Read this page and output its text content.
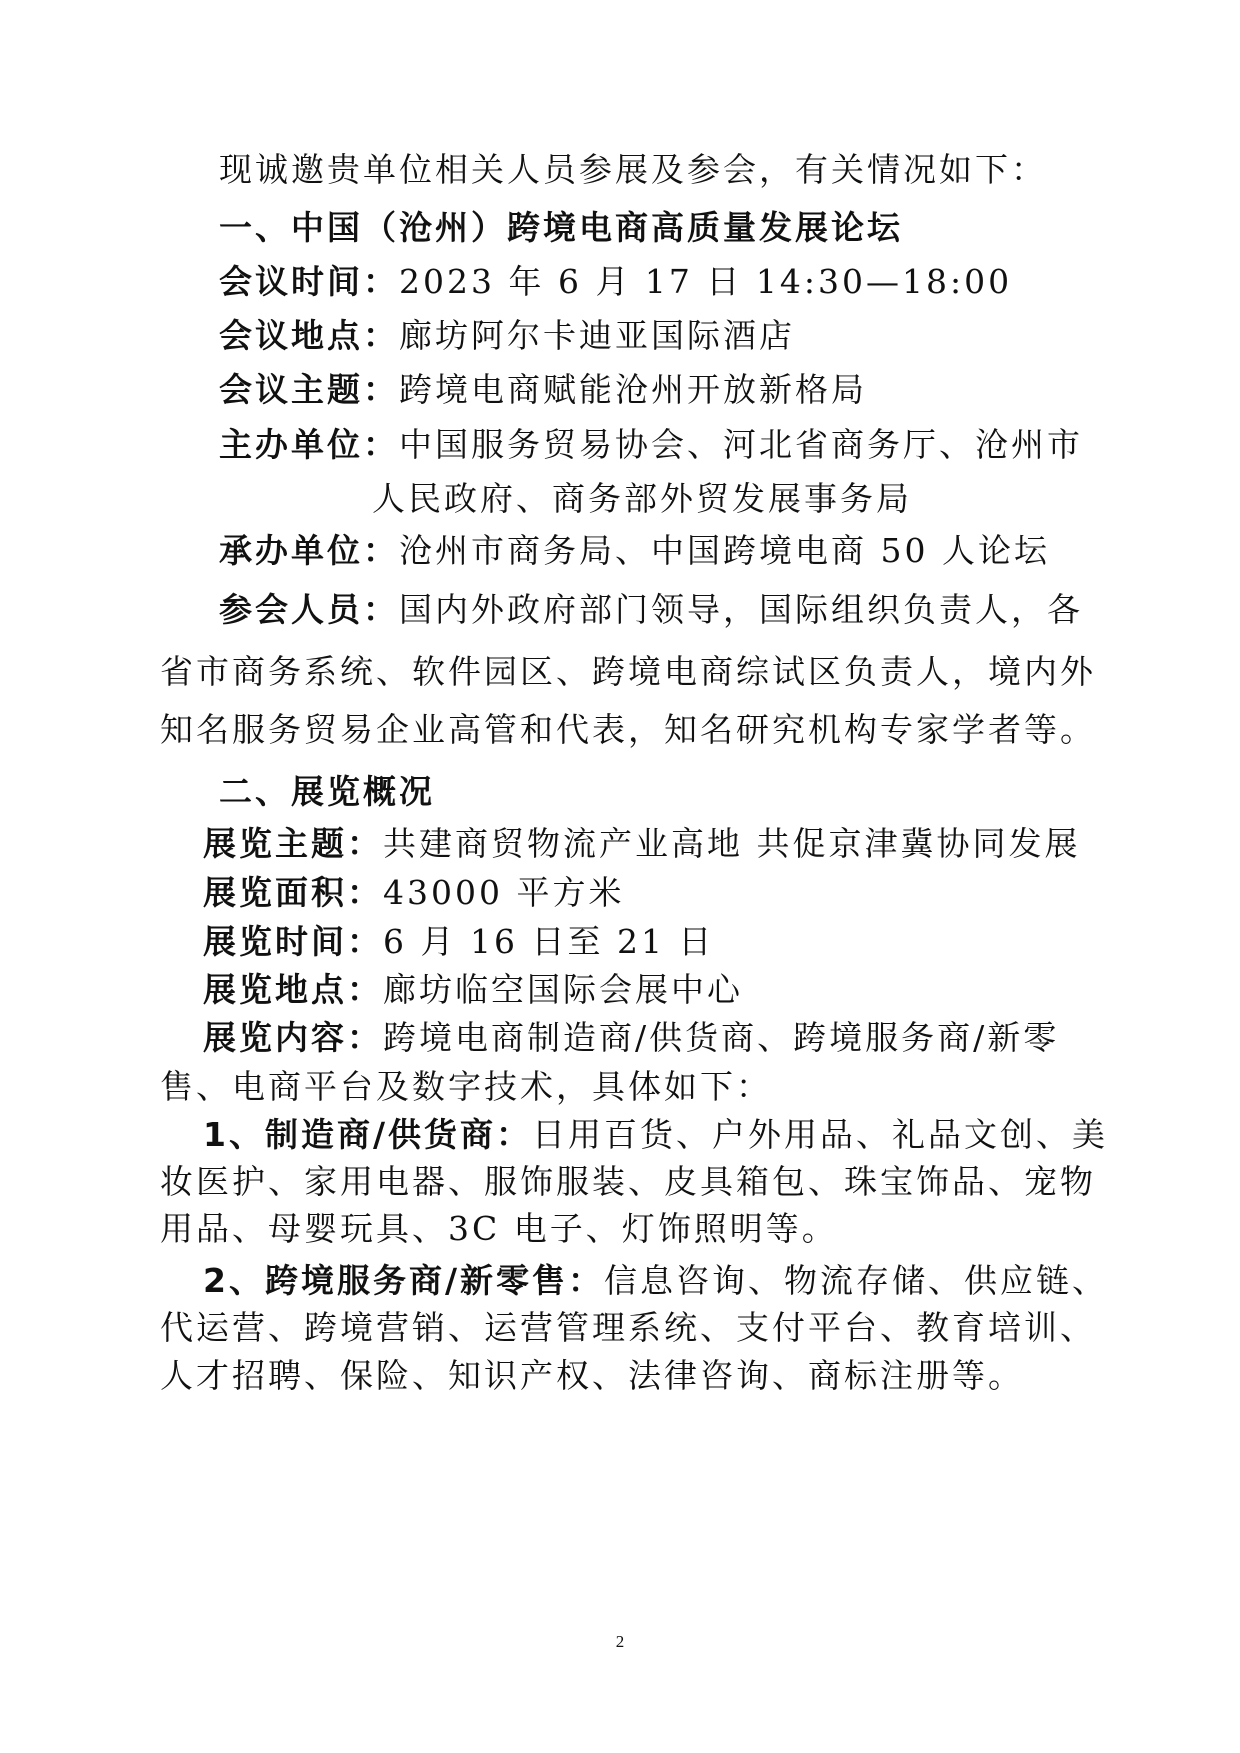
现诚邀贵单位相关人员参展及参会，有关情况如下：
一、中国（沧州）跨境电商高质量发展论坛
会议时间：2023 年 6 月 17 日 14:30—18:00
会议地点：廊坊阿尔卡迪亚国际酒店
会议主题：跨境电商赋能沧州开放新格局
主办单位：中国服务贸易协会、河北省商务厅、沧州市
人民政府、商务部外贸发展事务局
承办单位：沧州市商务局、中国跨境电商 50 人论坛
参会人员：国内外政府部门领导，国际组织负责人，各
省市商务系统、软件园区、跨境电商综试区负责人，境内外
知名服务贸易企业高管和代表，知名研究机构专家学者等。
二、展览概况
展览主题：共建商贸物流产业高地 共促京津冀协同发展
展览面积：43000 平方米
展览时间：6 月 16 日至 21 日
展览地点：廊坊临空国际会展中心
展览内容：跨境电商制造商/供货商、跨境服务商/新零
售、电商平台及数字技术，具体如下：
1、制造商/供货商：日用百货、户外用品、礼品文创、美
妆医护、家用电器、服饰服装、皮具箱包、珠宝饰品、宠物
用品、母婴玩具、3C 电子、灯饰照明等。
2、跨境服务商/新零售：信息咨询、物流存储、供应链、
代运营、跨境营销、运营管理系统、支付平台、教育培训、
人才招聘、保险、知识产权、法律咨询、商标注册等。
2
